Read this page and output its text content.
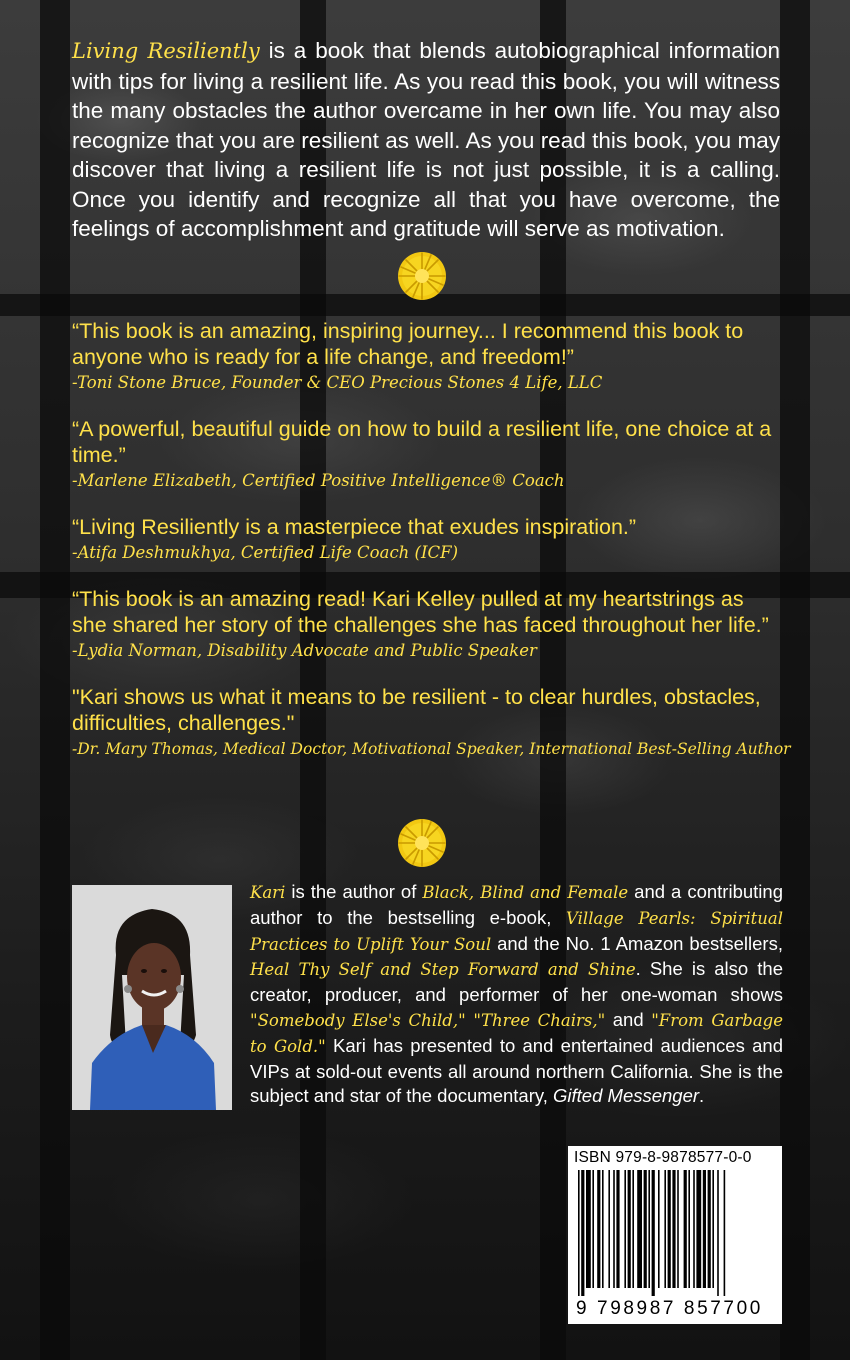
Living Resiliently is a book that blends autobiographical information with tips for living a resilient life. As you read this book, you will witness the many obstacles the author overcame in her own life. You may also recognize that you are resilient as well. As you read this book, you may discover that living a resilient life is not just possible, it is a calling. Once you identify and recognize all that you have overcome, the feelings of accomplishment and gratitude will serve as motivation.

“This book is an amazing, inspiring journey... I recommend this book to anyone who is ready for a life change, and freedom!”

-Toni Stone Bruce, Founder & CEO Precious Stones 4 Life, LLC

“A powerful, beautiful guide on how to build a resilient life, one choice at a time.”

-Marlene Elizabeth, Certified Positive Intelligence® Coach

“Living Resiliently is a masterpiece that exudes inspiration.”

-Atifa Deshmukhya, Certified Life Coach (ICF)

“This book is an amazing read! Kari Kelley pulled at my heartstrings as she shared her story of the challenges she has faced throughout her life.”

-Lydia Norman, Disability Advocate and Public Speaker

"Kari shows us what it means to be resilient - to clear hurdles, obstacles, difficulties, challenges."

-Dr. Mary Thomas, Medical Doctor, Motivational Speaker, International Best-Selling Author

Kari is the author of Black, Blind and Female and a contributing author to the bestselling e-book, Village Pearls: Spiritual Practices to Uplift Your Soul and the No. 1 Amazon bestsellers, Heal Thy Self and Step Forward and Shine. She is also the creator, producer, and performer of her one-woman shows "Somebody Else's Child," "Three Chairs," and "From Garbage to Gold." Kari has presented to and entertained audiences and VIPs at sold-out events all around northern California. She is the subject and star of the documentary, Gifted Messenger.

ISBN 979-8-9878577-0-0
9 798987 857700
